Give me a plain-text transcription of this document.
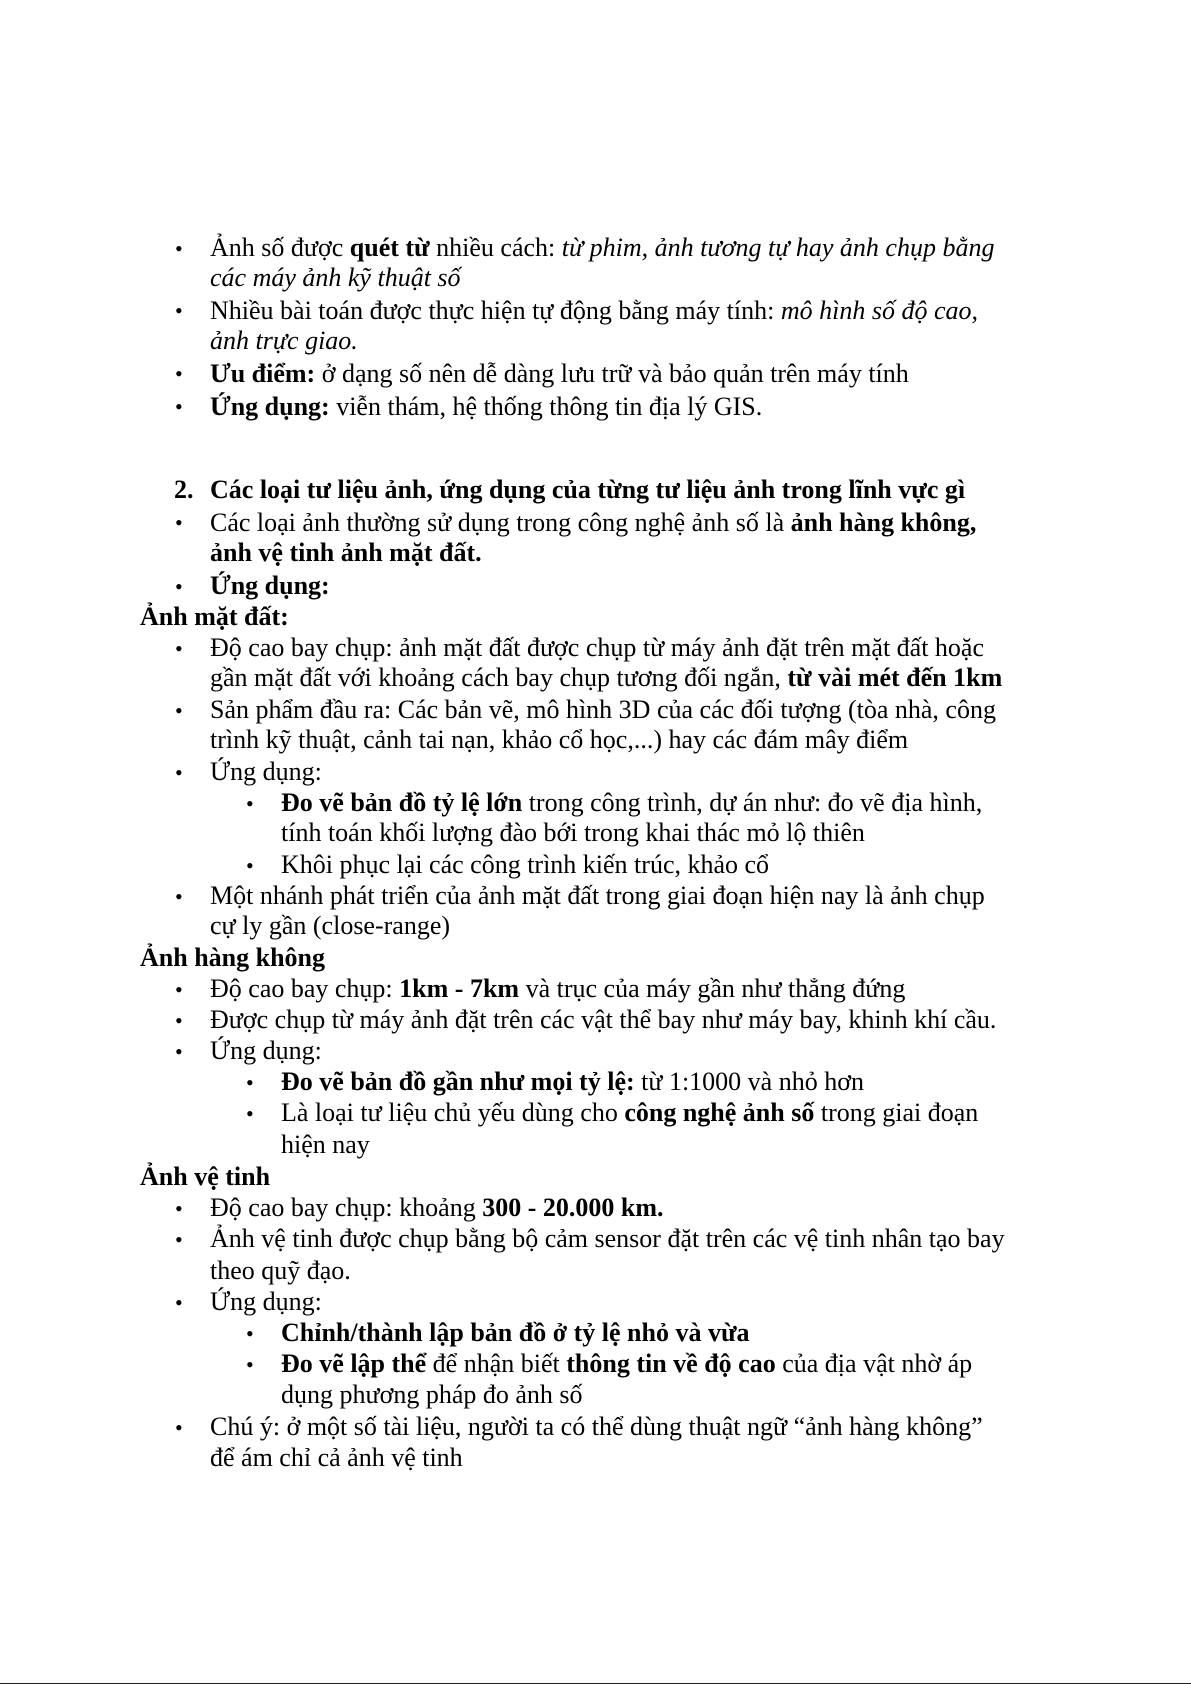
• Ảnh số được quét từ nhiều cách: từ phim, ảnh tương tự hay ảnh chụp bằng
các máy ảnh kỹ thuật số
• Nhiều bài toán được thực hiện tự động bằng máy tính: mô hình số độ cao,
ảnh trực giao.
• Ưu điểm: ở dạng số nên dễ dàng lưu trữ và bảo quản trên máy tính
• Ứng dụng: viễn thám, hệ thống thông tin địa lý GIS.
2. Các loại tư liệu ảnh, ứng dụng của từng tư liệu ảnh trong lĩnh vực gì
• Các loại ảnh thường sử dụng trong công nghệ ảnh số là ảnh hàng không,
ảnh vệ tinh ảnh mặt đất.
• Ứng dụng:
Ảnh mặt đất:
• Độ cao bay chụp: ảnh mặt đất được chụp từ máy ảnh đặt trên mặt đất hoặc
gần mặt đất với khoảng cách bay chụp tương đối ngắn, từ vài mét đến 1km
• Sản phẩm đầu ra: Các bản vẽ, mô hình 3D của các đối tượng (tòa nhà, công
trình kỹ thuật, cảnh tai nạn, khảo cổ học,...) hay các đám mây điểm
• Ứng dụng:
• Đo vẽ bản đồ tỷ lệ lớn trong công trình, dự án như: đo vẽ địa hình,
tính toán khối lượng đào bới trong khai thác mỏ lộ thiên
• Khôi phục lại các công trình kiến trúc, khảo cổ
• Một nhánh phát triển của ảnh mặt đất trong giai đoạn hiện nay là ảnh chụp
cự ly gần (close-range)
Ảnh hàng không
• Độ cao bay chụp: 1km - 7km và trục của máy gần như thẳng đứng
• Được chụp từ máy ảnh đặt trên các vật thể bay như máy bay, khinh khí cầu.
• Ứng dụng:
• Đo vẽ bản đồ gần như mọi tỷ lệ: từ 1:1000 và nhỏ hơn
• Là loại tư liệu chủ yếu dùng cho công nghệ ảnh số trong giai đoạn
hiện nay
Ảnh vệ tinh
• Độ cao bay chụp: khoảng 300 - 20.000 km.
• Ảnh vệ tinh được chụp bằng bộ cảm sensor đặt trên các vệ tinh nhân tạo bay
theo quỹ đạo.
• Ứng dụng:
• Chỉnh/thành lập bản đồ ở tỷ lệ nhỏ và vừa
• Đo vẽ lập thể để nhận biết thông tin về độ cao của địa vật nhờ áp
dụng phương pháp đo ảnh số
• Chú ý: ở một số tài liệu, người ta có thể dùng thuật ngữ “ảnh hàng không”
để ám chỉ cả ảnh vệ tinh
